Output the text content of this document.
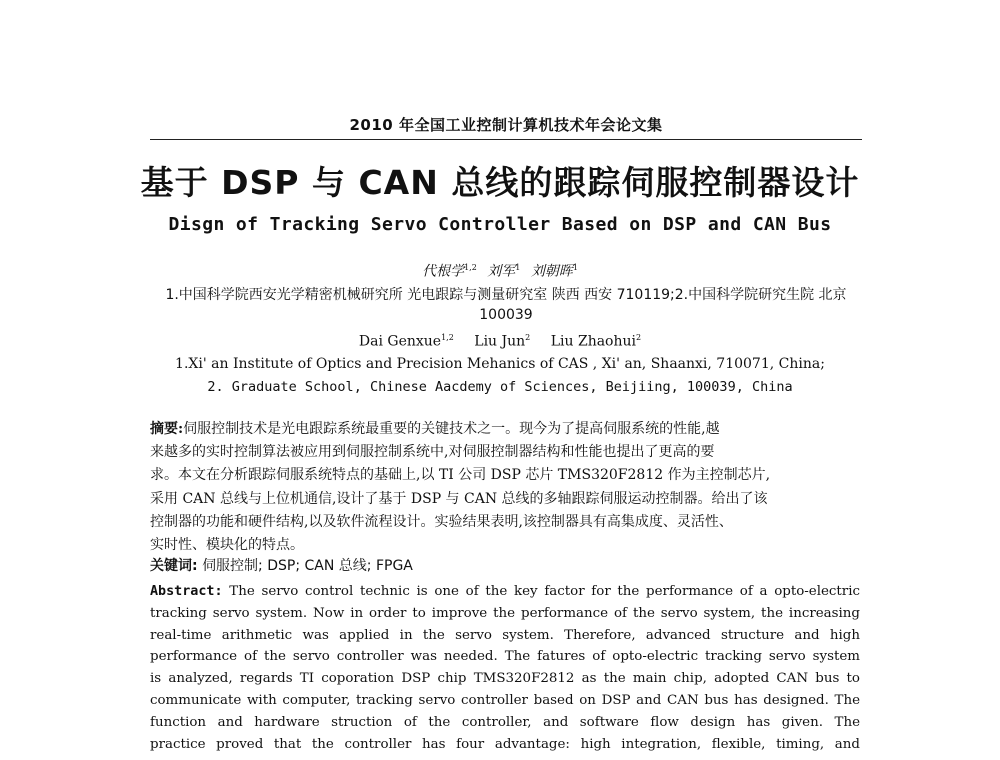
2010 年全国工业控制计算机技术年会论文集

基于 DSP 与 CAN 总线的跟踪伺服控制器设计
Disgn of Tracking Servo Controller Based on DSP and CAN Bus
代根学$^{1,2}$ 刘军$^1$ 刘朝晖$^1$
1.中国科学院西安光学精密机械研究所 光电跟踪与测量研究室 陕西 西安 710119;2.中国科学院研究生院 北京 100039
Dai Genxue$^{1,2}$ Liu Jun$^2$ Liu Zhaohui$^2$
1.Xi' an Institute of Optics and Precision Mehanics of CAS , Xi' an, Shaanxi, 710071, China;
2. Graduate School, Chinese Aacdemy of Sciences, Beijiing, 100039, China
摘要:伺服控制技术是光电跟踪系统最重要的关键技术之一。现今为了提高伺服系统的性能,越
来越多的实时控制算法被应用到伺服控制系统中,对伺服控制器结构和性能也提出了更高的要
求。本文在分析跟踪伺服系统特点的基础上,以 TI 公司 DSP 芯片 TMS320F2812 作为主控制芯片,
采用 CAN 总线与上位机通信,设计了基于 DSP 与 CAN 总线的多轴跟踪伺服运动控制器。给出了该
控制器的功能和硬件结构,以及软件流程设计。实验结果表明,该控制器具有高集成度、灵活性、
实时性、模块化的特点。
关键词: 伺服控制; DSP; CAN 总线; FPGA
Abstract: The servo control technic is one of the key factor for the performance of a opto-electric
tracking servo system. Now in order to improve the performance of the servo system, the increasing
real-time arithmetic was applied in the servo system. Therefore, advanced structure and high
performance of the servo controller was needed. The fatures of opto-electric tracking servo system
is analyzed, regards TI coporation DSP chip TMS320F2812 as the main chip, adopted CAN bus to
communicate with computer, tracking servo controller based on DSP and CAN bus has designed. The
function and hardware struction of the controller, and software flow design has given. The
practice proved that the controller has four advantage: high integration, flexible, timing, and
